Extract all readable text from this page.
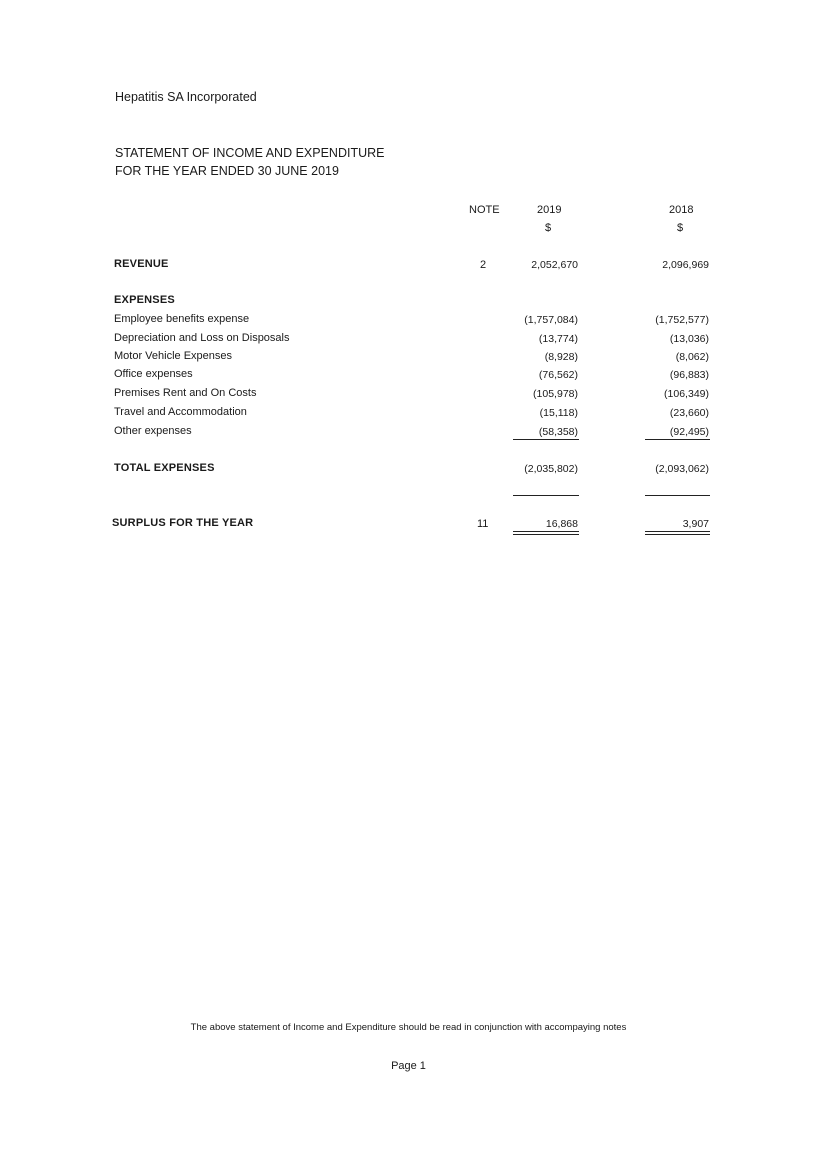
Hepatitis SA Incorporated
STATEMENT OF INCOME AND EXPENDITURE
FOR THE YEAR ENDED 30 JUNE 2019
NOTE	2019	2018
$	$
REVENUE	2	2,052,670	2,096,969
EXPENSES
Employee benefits expense	(1,757,084)	(1,752,577)
Depreciation and Loss on Disposals	(13,774)	(13,036)
Motor Vehicle Expenses	(8,928)	(8,062)
Office expenses	(76,562)	(96,883)
Premises Rent and On Costs	(105,978)	(106,349)
Travel and Accommodation	(15,118)	(23,660)
Other expenses	(58,358)	(92,495)
TOTAL EXPENSES	(2,035,802)	(2,093,062)
SURPLUS FOR THE YEAR	11	16,868	3,907
The above statement of Income and Expenditure should be read in conjunction with accompaying notes
Page 1
